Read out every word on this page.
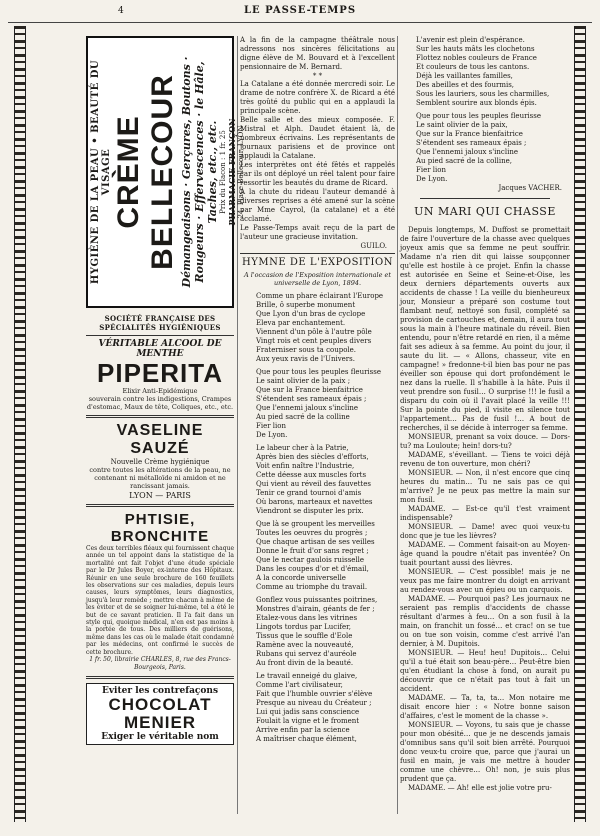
4	LE PASSE-TEMPS
HYGIÈNE DE LA PEAU • BEAUTÉ DU VISAGE CRÈME BELLECOUR Démangeaisons · Gerçures, Boutons · Rougeurs · Effervescences · le Hâle, Taches, etc., etc. Prix du Flacon : 1 fr. 25 PHARMACIE FRANÇON 24, Place Bellecour, LYON
SOCIÉTÉ FRANÇAISE DES SPÉCIALITÉS HYGIÉNIQUES
VÉRITABLE ALCOOL DE MENTHE
PIPERITA
Elixir Anti-Epidémique
souverain contre les indigestions, Crampes d'estomac, Maux de tête, Coliques, etc., etc.
VASELINE SAUZÉ
Nouvelle Crème hygiénique
contre toutes les altérations de la peau, ne contenant ni métalloïde ni amidon et ne rancissant jamais.
LYON — PARIS
PHTISIE, BRONCHITE
Ces deux terribles fléaux qui fournissent chaque année un tel appoint dans la statistique de la mortalité ont fait l'objet d'une étude spéciale par le Dr Jules Boyer, ex-interne des Hôpitaux. Réunir en une seule brochure de 160 feuillets les observations sur ces maladies, depuis leurs causes, leurs symptômes, leurs diagnostics, jusqu'à leur remède ; mettre chacun à même de les éviter et de se soigner lui-même, tel a été le but de ce savant praticien. Il l'a fait dans un style qui, quoique médical, n'en est pas moins à la portée de tous. Des milliers de guérisons, même dans les cas où le malade était condamné par les médecins, ont confirmé le succès de cette brochure.
1 fr. 50, librairie CHARLES, 8, rue des Francs-Bourgeois, Paris.
Eviter les contrefaçons
CHOCOLAT
MENIER
Exiger le véritable nom

A la fin de la campagne théâtrale nous adressons nos sincères félicitations au digne élève de M. Bouvard et à l'excellent pensionnaire de M. Bernard.

* *

La Catalane a été donnée mercredi soir. Le drame de notre confrère X. de Ricard a été très goûté du public qui en a applaudi la principale scène.

Belle salle et des mieux composée. F. Mistral et Alph. Daudet étaient là, de nombreux écrivains. Les représentants de journaux parisiens et de province ont applaudi la Catalane.

Les interprètes ont été fêtés et rappelés car ils ont déployé un réel talent pour faire ressortir les beautés du drame de Ricard.

A la chute du rideau l'auteur demandé à diverses reprises a été amené sur la scène par Mme Cayrol, (la catalane) et a été acclamé.

Le Passe-Temps avait reçu de la part de l'auteur une gracieuse invitation.

GUILO.
HYMNE DE L'EXPOSITION
A l'occasion de l'Exposition internationale et universelle de Lyon, 1894.
Comme un phare éclairant l'Europe
Brille, ô superbe monument
Que Lyon d'un bras de cyclope
Eleva par enchantement.
Viennent d'un pôle à l'autre pôle
Vingt rois et cent peuples divers
Fraterniser sous ta coupole.
Aux yeux ravis de l'Univers.
Que pour tous les peuples fleurisse
Le saint olivier de la paix ;
Que sur la France bienfaitrice
S'étendent ses rameaux épais ;
Que l'ennemi jaloux s'incline
Au pied sacré de la colline
Fier lion
De Lyon.
Le labeur cher à la Patrie,
Après bien des siècles d'efforts,
Voit enfin naître l'Industrie,
Cette déesse aux muscles forts
Qui vient au réveil des fauvettes
Tenir ce grand tournoi d'amis
Où barons, marteaux et navettes
Viendront se disputer les prix.
Que là se groupent les merveilles
Toutes les oeuvres du progrès ;
Que chaque artisan de ses veilles
Donne le fruit d'or sans regret ;
Que le nectar gaulois ruisselle
Dans les coupes d'or et d'émail,
A la concorde universelle
Comme au triomphe du travail.
Gonflez vous puissantes poitrines,
Monstres d'airain, géants de fer ;
Etalez-vous dans les vitrines
Lingots tordus par Lucifer,
Tissus que le souffle d'Eole
Ramène avec la nouveauté,
Rubans qui servez d'auréole
Au front divin de la beauté.
Le travail enneigé du glaive,
Comme l'art civilisateur,
Fait que l'humble ouvrier s'élève
Presque au niveau du Créateur ;
Lui qui jadis sans conscience
Foulait la vigne et le froment
Arrive enfin par la science
A maîtriser chaque élément,
L'avenir est plein d'espérance.
Sur les hauts mâts les clochetons
Flottez nobles couleurs de France
Et couleurs de tous les cantons.
Déjà les vaillantes familles,
Des abeilles et des fourmis,
Sous les lauriers, sous les charmilles,
Semblent sourire aux blonds épis.
Que pour tous les peuples fleurisse
Le saint olivier de la paix,
Que sur la France bienfaitrice
S'étendent ses rameaux épais ;
Que l'ennemi jaloux s'incline
Au pied sacré de la colline,
Fier lion
De Lyon.
Jacques VACHER.
UN MARI QUI CHASSE

Depuis longtemps, M. Duffost se promettait de faire l'ouverture de la chasse avec quelques joyeux amis que sa femme ne peut souffrir. Madame n'a rien dit qui laisse soupçonner qu'elle est hostile à ce projet. Enfin la chasse est autorisée en Seine et Seine-et-Oise, les deux derniers départements ouverts aux accidents de chasse ! La veille du bienheureux jour, Monsieur a préparé son costume tout flambant neuf, nettoyé son fusil, complété sa provision de cartouches et, demain, il aura tout sous la main à l'heure matinale du réveil. Bien entendu, pour n'être retardé en rien, il a même fait ses adieux à sa femme. Au point du jour, il saute du lit. — « Allons, chasseur, vite en campagne! » fredonne-t-il bien bas pour ne pas éveiller son épouse qui dort profondément le nez dans la ruelle. Il s'habille à la hâte. Puis il veut prendre son fusil… O surprise !!! le fusil a disparu du coin où il l'avait placé la veille !!! Sur la pointe du pied, il visite en silence tout l'appartement… Pas de fusil !… A bout de recherches, il se décide à interroger sa femme.

MONSIEUR, prenant sa voix douce. — Dors-tu? ma Louloute; hein! dors-tu?

MADAME, s'éveillant. — Tiens te voici déjà revenu de ton ouverture, mon chéri?

MONSIEUR. — Non, il n'est encore que cinq heures du matin… Tu ne sais pas ce qui m'arrive? Je ne peux pas mettre la main sur mon fusil.

MADAME. — Est-ce qu'il t'est vraiment indispensable?

MONSIEUR. — Dame! avec quoi veux-tu donc que je tue les lièvres?

MADAME. — Comment faisait-on au Moyen-âge quand la poudre n'était pas inventée? On tuait pourtant aussi des lièvres.

MONSIEUR. — C'est possible! mais je ne veux pas me faire montrer du doigt en arrivant au rendez-vous avec un épieu ou un carquois.

MADAME. — Pourquoi pas? Les journaux ne seraient pas remplis d'accidents de chasse résultant d'armes à feu… On a son fusil à la main, on franchit un fossé… et crac! on se tue ou on tue son voisin, comme c'est arrivé l'an dernier, à M. Dupitois.

MONSIEUR. — Heu! heu! Dupitois… Celui qu'il a tué était son beau-père… Peut-être bien qu'en étudiant la chose à fond, on aurait pu découvrir que ce n'était pas tout à fait un accident.

MADAME. — Ta, ta, ta… Mon notaire me disait encore hier : « Notre bonne saison d'affaires, c'est le moment de la chasse ».

MONSIEUR. — Voyons, tu sais que je chasse pour mon obésité… que je ne descends jamais d'omnibus sans qu'il soit bien arrêté. Pourquoi donc veux-tu croire que, parce que j'aurai un fusil en main, je vais me mettre à houder comme une chèvre… Oh! non, je suis plus prudent que ça.

MADAME. — Ah! elle est jolie votre pru-
